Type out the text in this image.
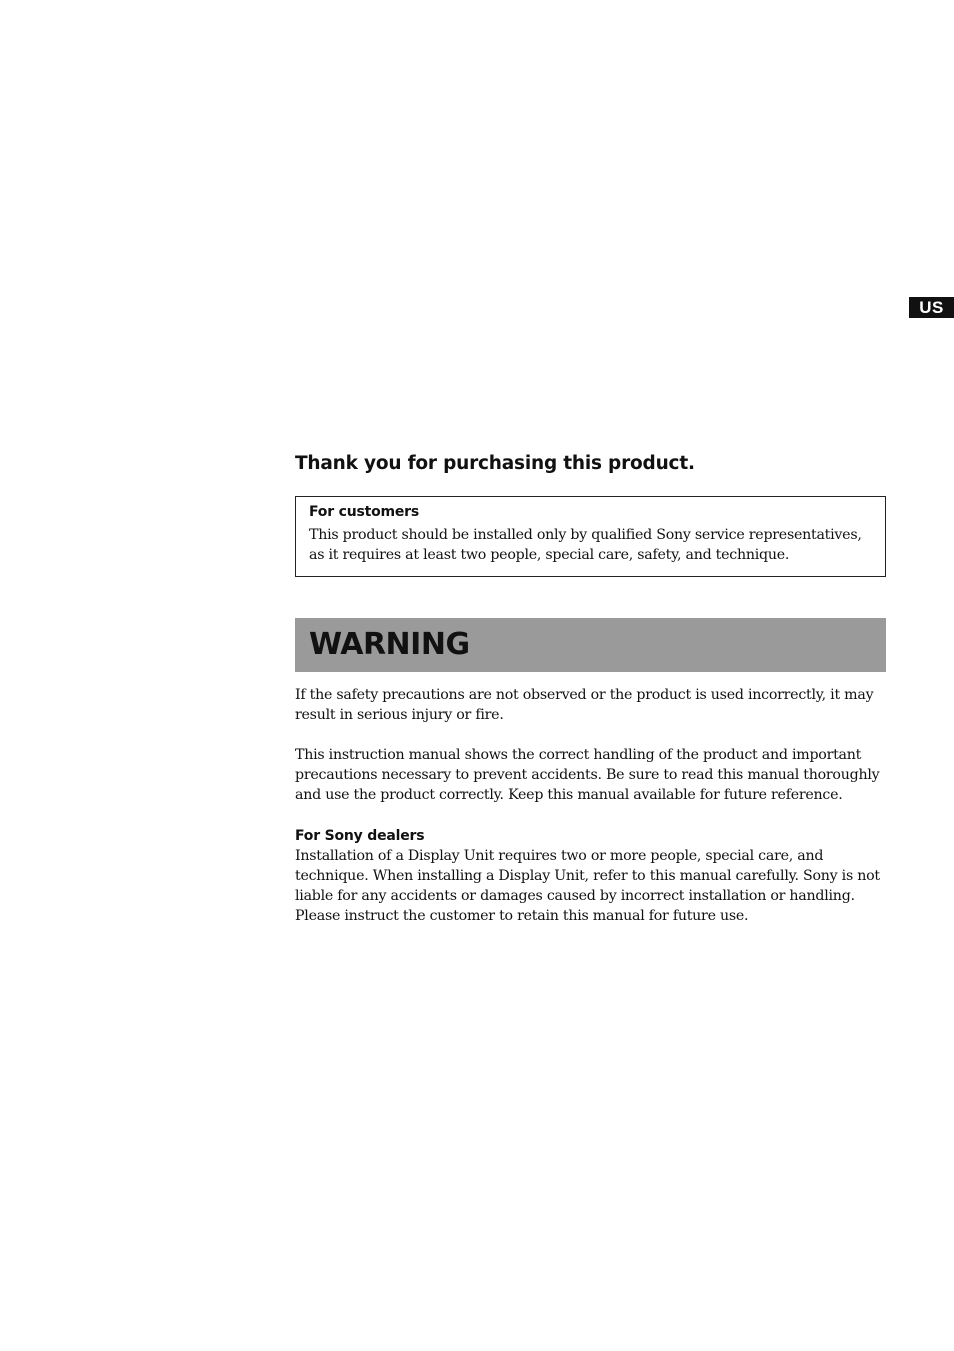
US
Thank you for purchasing this product.
For customers

This product should be installed only by qualified Sony service representatives, as it requires at least two people, special care, safety, and technique.

WARNING

If the safety precautions are not observed or the product is used incorrectly, it may result in serious injury or fire.

This instruction manual shows the correct handling of the product and important precautions necessary to prevent accidents. Be sure to read this manual thoroughly and use the product correctly. Keep this manual available for future reference.

For Sony dealers

Installation of a Display Unit requires two or more people, special care, and technique. When installing a Display Unit, refer to this manual carefully. Sony is not liable for any accidents or damages caused by incorrect installation or handling. Please instruct the customer to retain this manual for future use.
